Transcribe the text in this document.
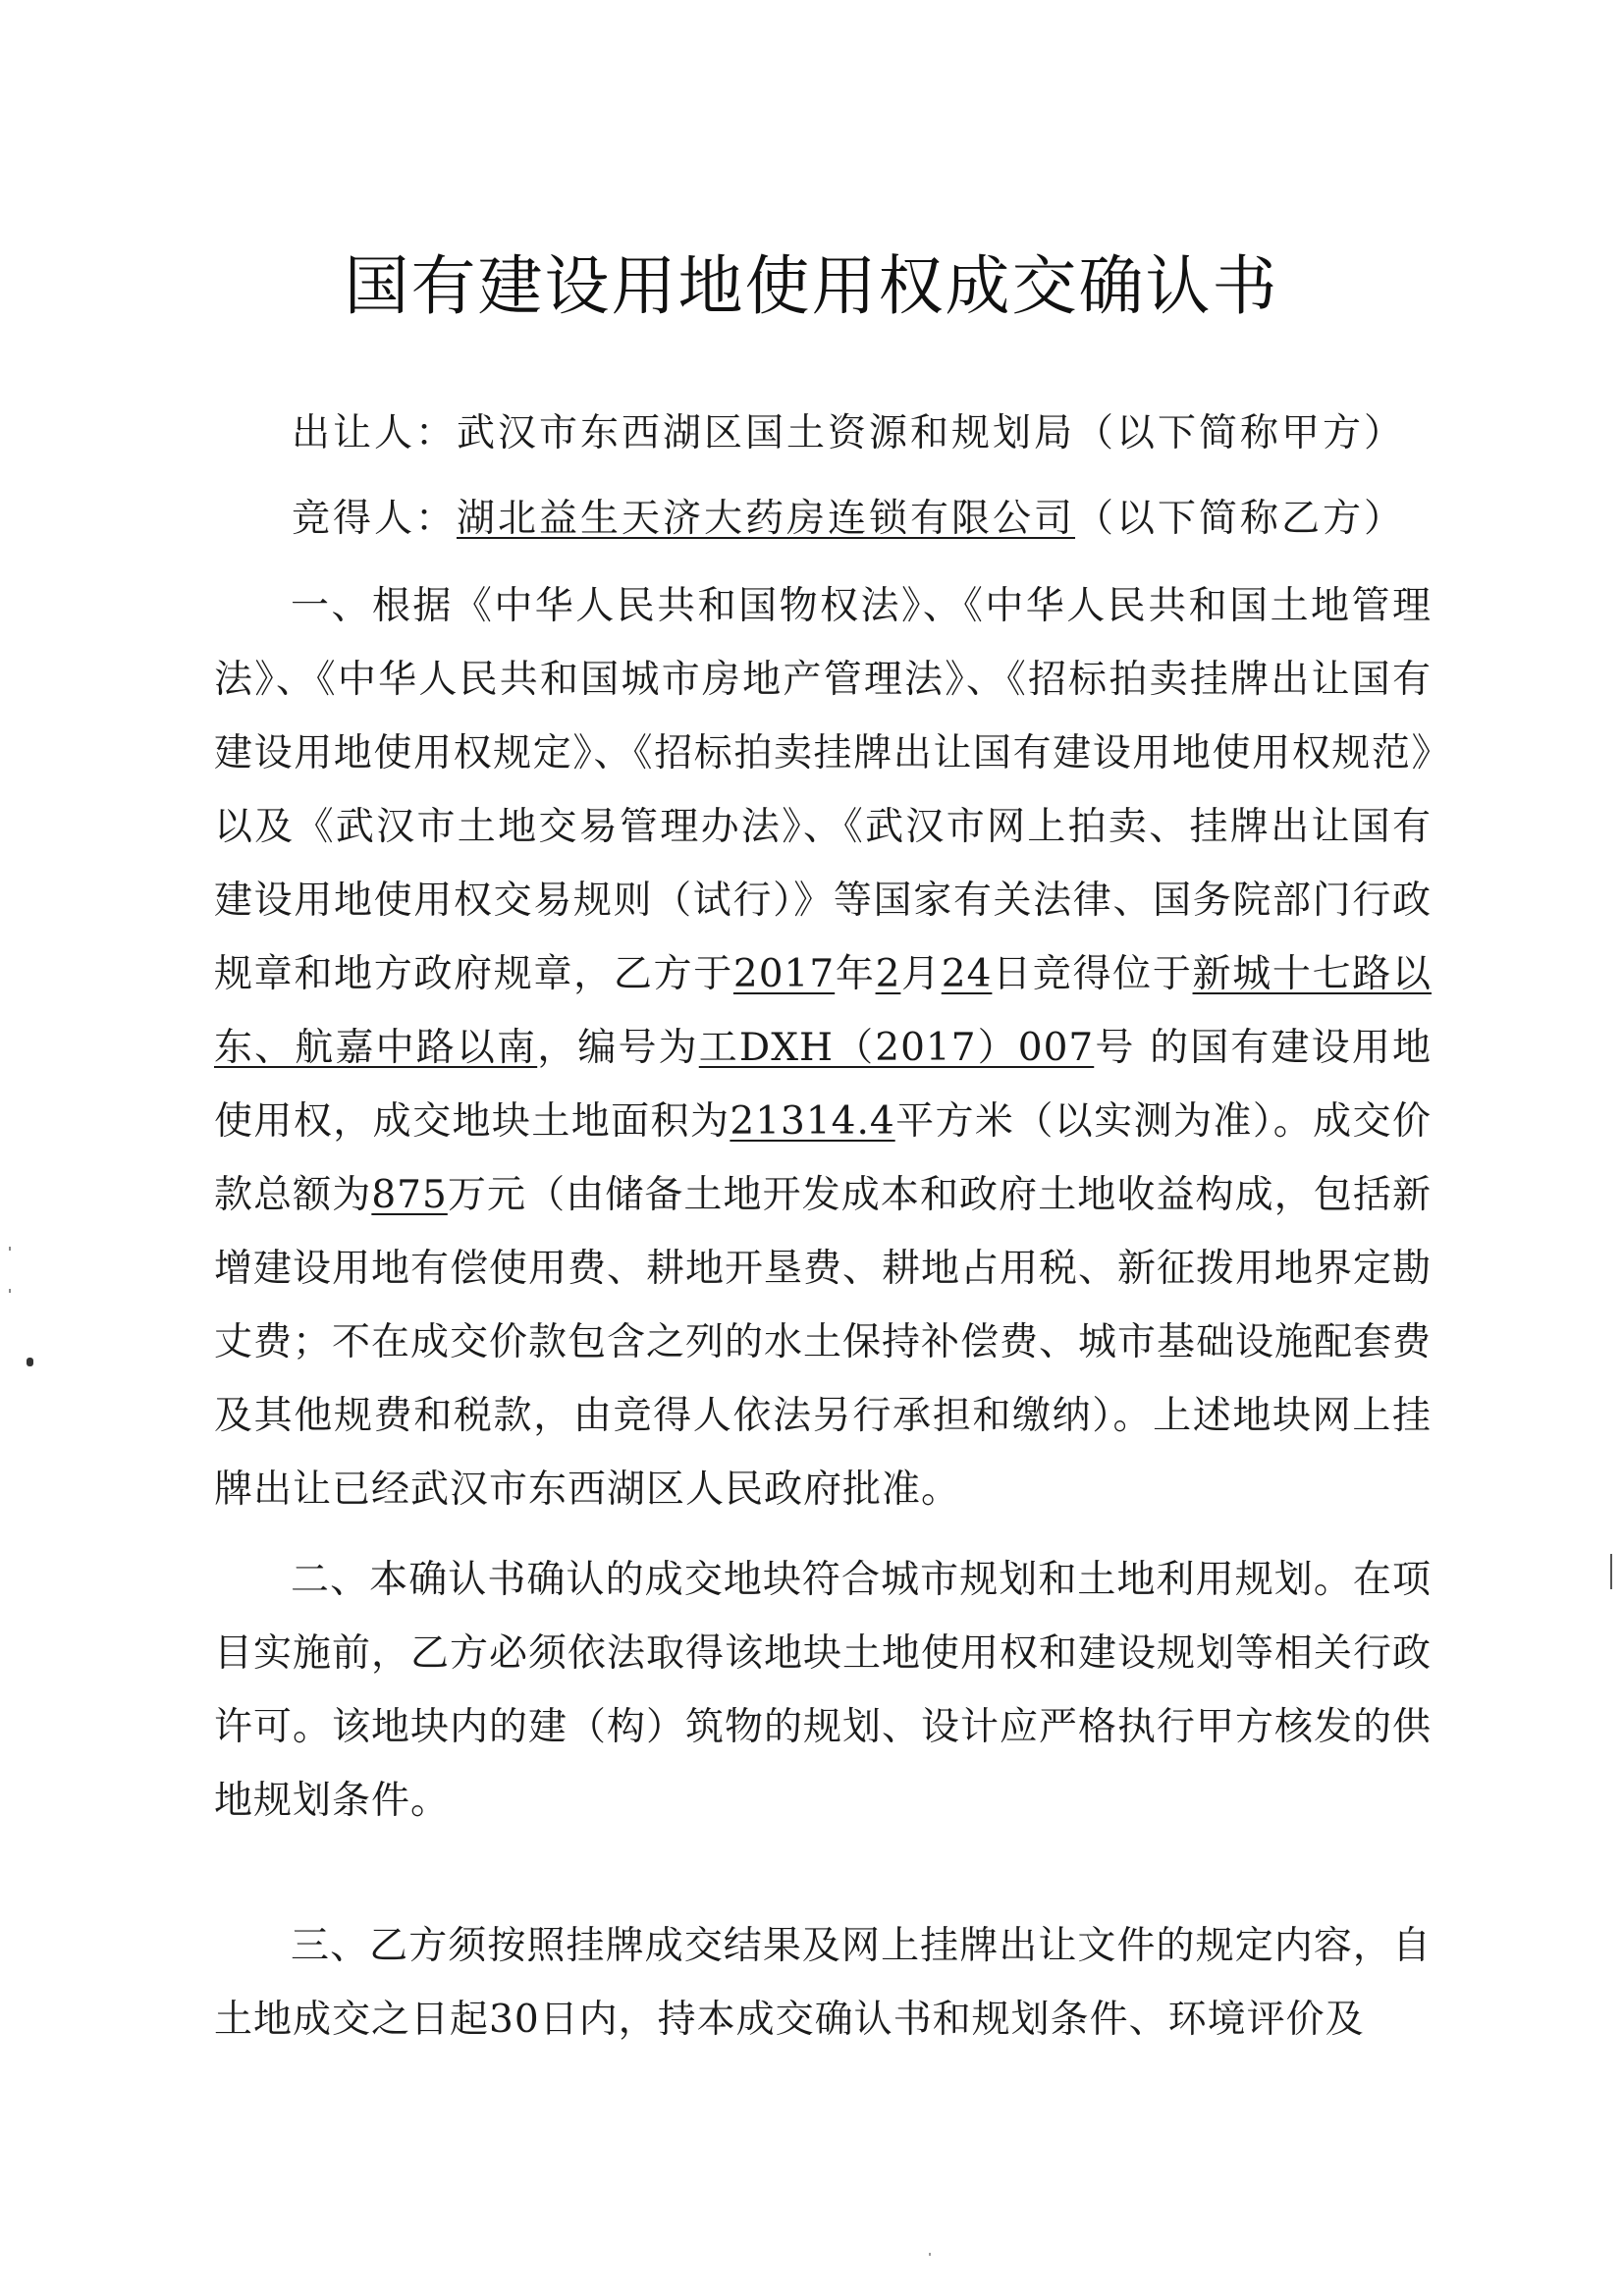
国有建设用地使用权成交确认书
出让人：武汉市东西湖区国土资源和规划局（以下简称甲方）
竞得人：湖北益生天济大药房连锁有限公司（以下简称乙方）
一、根据《中华人民共和国物权法》、《中华人民共和国土地管理法》、《中华人民共和国城市房地产管理法》、《招标拍卖挂牌出让国有建设用地使用权规定》、《招标拍卖挂牌出让国有建设用地使用权规范》以及《武汉市土地交易管理办法》、《武汉市网上拍卖、挂牌出让国有建设用地使用权交易规则（试行）》等国家有关法律、国务院部门行政规章和地方政府规章，乙方于2017年2月24日竞得位于新城十七路以东、航嘉中路以南，编号为工DXH（2017）007号 的国有建设用地使用权，成交地块土地面积为21314.4平方米（以实测为准）。成交价款总额为875万元（由储备土地开发成本和政府土地收益构成，包括新增建设用地有偿使用费、耕地开垦费、耕地占用税、新征拨用地界定勘丈费；不在成交价款包含之列的水土保持补偿费、城市基础设施配套费及其他规费和税款，由竞得人依法另行承担和缴纳）。上述地块网上挂牌出让已经武汉市东西湖区人民政府批准。
二、本确认书确认的成交地块符合城市规划和土地利用规划。在项目实施前，乙方必须依法取得该地块土地使用权和建设规划等相关行政许可。该地块内的建（构）筑物的规划、设计应严格执行甲方核发的供地规划条件。
三、乙方须按照挂牌成交结果及网上挂牌出让文件的规定内容，自土地成交之日起30日内，持本成交确认书和规划条件、环境评价及
